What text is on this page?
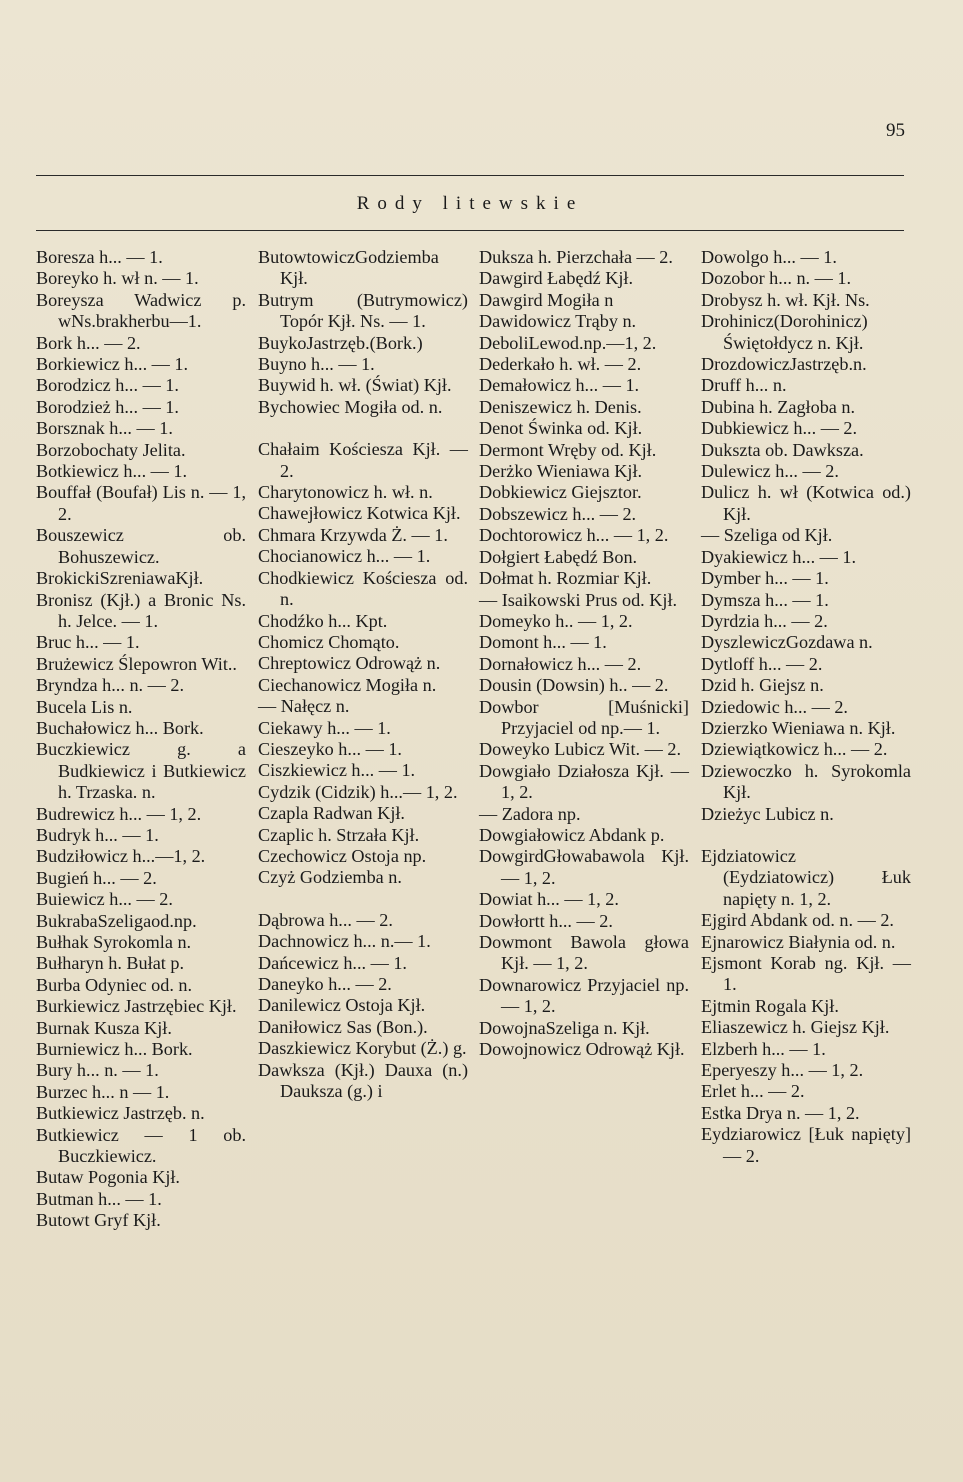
95
Rody litewskie
Boresza h... — 1.
Boreyko h. wł n. — 1.
Boreysza Wadwicz p. wNs.brakherbu—1.
Bork h... — 2.
Borkiewicz h... — 1.
Borodzicz h... — 1.
Borodzież h... — 1.
Borsznak h... — 1.
Borzobochaty Jelita.
Botkiewicz h... — 1.
Bouffał (Boufał) Lis n. — 1, 2.
Bouszewicz ob. Bohuszewicz.
BrokickiSzreniawaKjł.
Bronisz (Kjł.) a Bronic Ns. h. Jelce. — 1.
Bruc h... — 1.
Brużewicz Ślepowron Wit..
Bryndza h... n. — 2.
Bucela Lis n.
Buchałowicz h... Bork.
Buczkiewicz g. a Budkiewicz i Butkiewicz h. Trzaska. n.
Budrewicz h... — 1, 2.
Budryk h... — 1.
Budziłowicz h...—1, 2.
Bugień h... — 2.
Buiewicz h... — 2.
BukrabaSzeligaod.np.
Bułhak Syrokomla n.
Bułharyn h. Bułat p.
Burba Odyniec od. n.
Burkiewicz Jastrzębiec Kjł.
Burnak Kusza Kjł.
Burniewicz h... Bork.
Bury h... n. — 1.
Burzec h... n — 1.
Butkiewicz Jastrzęb. n.
Butkiewicz — 1 ob. Buczkiewicz.
Butaw Pogonia Kjł.
Butman h... — 1.
Butowt Gryf Kjł.
ButowtowiczGodziemba Kjł.
Butrym (Butrymowicz) Topór Kjł. Ns. — 1.
BuykoJastrzęb.(Bork.)
Buyno h... — 1.
Buywid h. wł. (Świat) Kjł.
Bychowiec Mogiła od. n.
Chałaim Kościesza Kjł. — 2.
Charytonowicz h. wł. n.
Chawejłowicz Kotwica Kjł.
Chmara Krzywda Ż. — 1.
Chocianowicz h... — 1.
Chodkiewicz Kościesza od. n.
Chodźko h... Kpt.
Chomicz Chomąto.
Chreptowicz Odrowąż n.
Ciechanowicz Mogiła n.
— Nałęcz n.
Ciekawy h... — 1.
Cieszeyko h... — 1.
Ciszkiewicz h... — 1.
Cydzik (Cidzik) h...— 1, 2.
Czapla Radwan Kjł.
Czaplic h. Strzała Kjł.
Czechowicz Ostoja np.
Czyż Godziemba n.
Dąbrowa h... — 2.
Dachnowicz h... n.— 1.
Dańcewicz h... — 1.
Daneyko h... — 2.
Danilewicz Ostoja Kjł.
Daniłowicz Sas (Bon.).
Daszkiewicz Korybut (Ż.) g.
Dawksza (Kjł.) Dauxa (n.) Dauksza (g.) i
Duksza h. Pierzchała — 2.
Dawgird Łabędź Kjł.
Dawgird Mogiła n
Dawidowicz Trąby n.
DeboliLewod.np.—1, 2.
Dederkało h. wł. — 2.
Demałowicz h... — 1.
Deniszewicz h. Denis.
Denot Świnka od. Kjł.
Dermont Wręby od. Kjł.
Derżko Wieniawa Kjł.
Dobkiewicz Giejsztor.
Dobszewicz h... — 2.
Dochtorowicz h... — 1, 2.
Dołgiert Łabędź Bon.
Dołmat h. Rozmiar Kjł.
— Isaikowski Prus od. Kjł.
Domeyko h.. — 1, 2.
Domont h... — 1.
Dornałowicz h... — 2.
Dousin (Dowsin) h.. — 2.
Dowbor [Muśnicki] Przyjaciel od np.— 1.
Doweyko Lubicz Wit. — 2.
Dowgiało Działosza Kjł. — 1, 2.
— Zadora np.
Dowgiałowicz Abdank p.
DowgirdGłowabawola Kjł. — 1, 2.
Dowiat h... — 1, 2.
Dowłortt h... — 2.
Dowmont Bawola głowa Kjł. — 1, 2.
Downarowicz Przyjaciel np. — 1, 2.
DowojnaSzeliga n. Kjł.
Dowojnowicz Odrowąż Kjł.
Dowolgo h... — 1.
Dozobor h... n. — 1.
Drobysz h. wł. Kjł. Ns.
Drohinicz(Dorohinicz) Świętołdycz n. Kjł.
DrozdowiczJastrzęb.n.
Druff h... n.
Dubina h. Zagłoba n.
Dubkiewicz h... — 2.
Duksztа ob. Dawksza.
Dulewicz h... — 2.
Dulicz h. wł (Kotwica od.) Kjł.
— Szeliga od Kjł.
Dyakiewicz h... — 1.
Dymber h... — 1.
Dymsza h... — 1.
Dyrdzia h... — 2.
DyszlewiczGozdawa n.
Dytloff h... — 2.
Dzid h. Giejsz n.
Dziedowic h... — 2.
Dzierzko Wieniawa n. Kjł.
Dziewiątkowicz h... — 2.
Dziewoczko h. Syrokomla Kjł.
Dzieżyc Lubicz n.
Ejdziatowicz (Eydziatowicz) Łuk napięty n. 1, 2.
Ejgird Abdank od. n. — 2.
Ejnarowicz Białynia od. n.
Ejsmont Korab ng. Kjł. — 1.
Ejtmin Rogala Kjł.
Eliaszewicz h. Giejsz Kjł.
Elzberh h... — 1.
Eperyeszy h... — 1, 2.
Erlet h... — 2.
Estka Drya n. — 1, 2.
Eydziarowicz [Łuk napięty] — 2.
